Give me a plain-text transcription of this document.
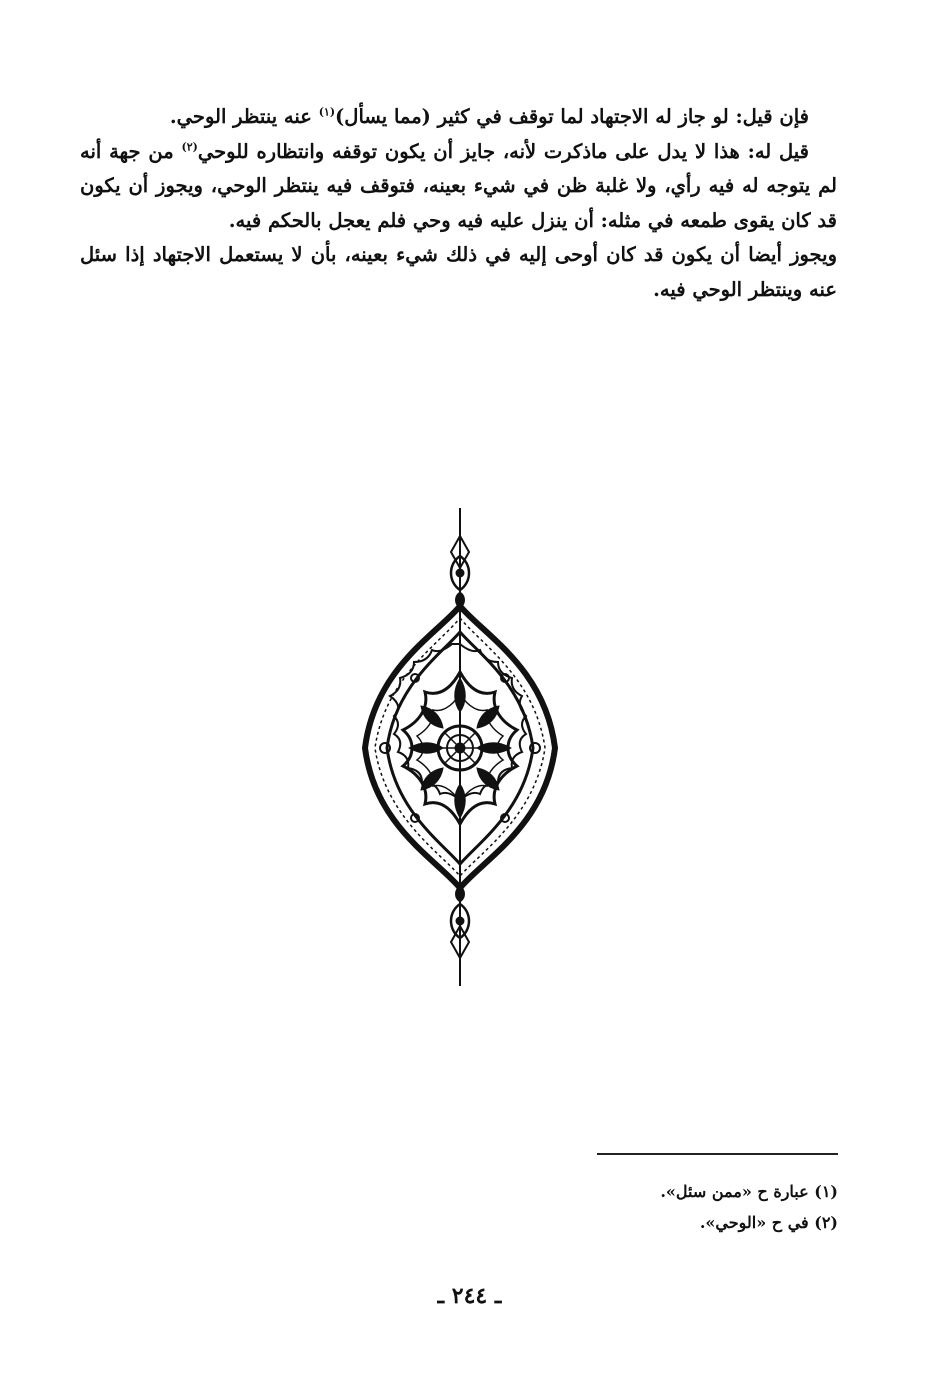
فإن قيل: لو جاز له الاجتهاد لما توقف في كثير (مما يسأل)$^{(١)}$ عنه ينتظر الوحي.

قيل له: هذا لا يدل على ماذكرت لأنه، جايز أن يكون توقفه وانتظاره للوحي$^{(٢)}$ من جهة أنه لم يتوجه له فيه رأي، ولا غلبة ظن في شيء بعينه، فتوقف فيه ينتظر الوحي، ويجوز أن يكون قد كان يقوى طمعه في مثله: أن ينزل عليه فيه وحي فلم يعجل بالحكم فيه.

ويجوز أيضا أن يكون قد كان أوحى إليه في ذلك شيء بعينه، بأن لا يستعمل الاجتهاد إذا سئل عنه وينتظر الوحي فيه.

(١) عبارة ح «ممن سئل».

(٢) في ح «الوحي».

ـ ٢٤٤ ـ
